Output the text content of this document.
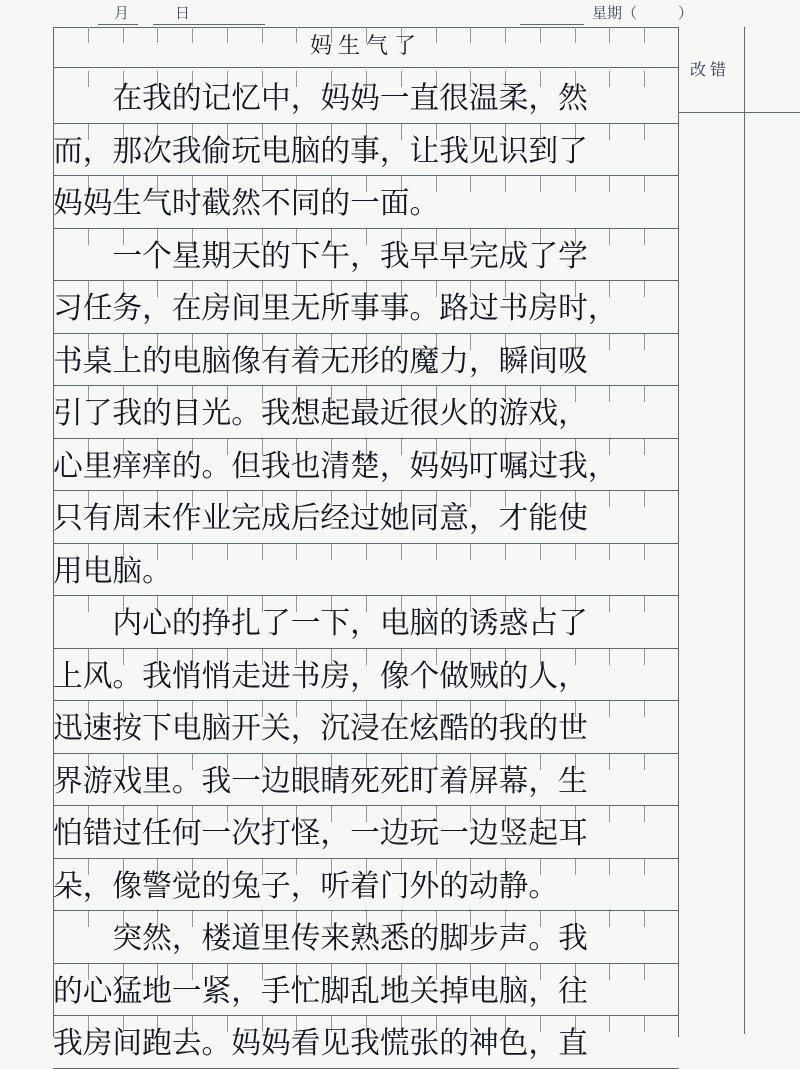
月	日	星期（	）
改错
妈生气了
　　在我的记忆中，妈妈一直很温柔，然
而，那次我偷玩电脑的事，让我见识到了
妈妈生气时截然不同的一面。
　　一个星期天的下午，我早早完成了学
习任务，在房间里无所事事。路过书房时，
书桌上的电脑像有着无形的魔力，瞬间吸
引了我的目光。我想起最近很火的游戏，
心里痒痒的。但我也清楚，妈妈叮嘱过我，
只有周末作业完成后经过她同意，才能使
用电脑。
　　内心的挣扎了一下，电脑的诱惑占了
上风。我悄悄走进书房，像个做贼的人，
迅速按下电脑开关，沉浸在炫酷的我的世
界游戏里。我一边眼睛死死盯着屏幕，生
怕错过任何一次打怪，一边玩一边竖起耳
朵，像警觉的兔子，听着门外的动静。
　　突然，楼道里传来熟悉的脚步声。我
的心猛地一紧，手忙脚乱地关掉电脑，往
我房间跑去。妈妈看见我慌张的神色，直
